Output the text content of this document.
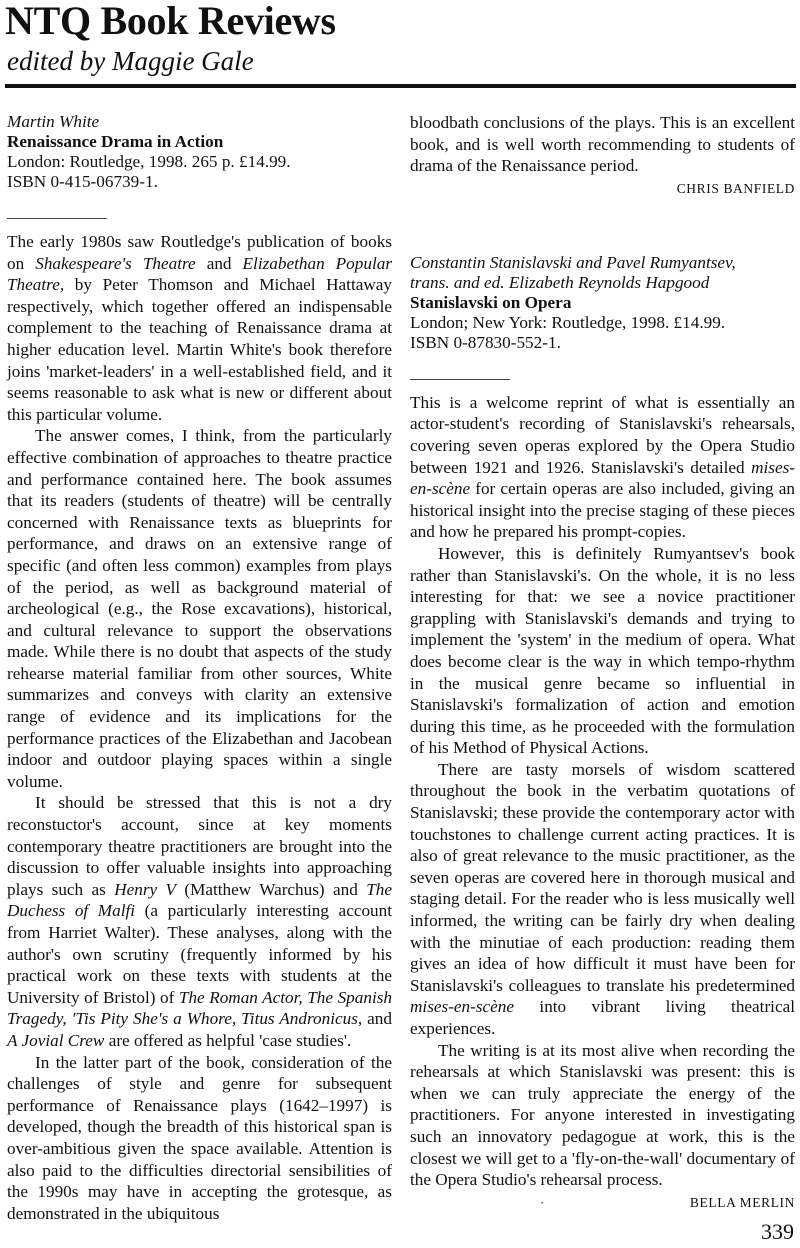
NTQ Book Reviews
edited by Maggie Gale
Martin White
Renaissance Drama in Action
London: Routledge, 1998. 265 p. £14.99.
ISBN 0-415-06739-1.

The early 1980s saw Routledge's publication of books on Shakespeare's Theatre and Elizabethan Popular Theatre, by Peter Thomson and Michael Hattaway respectively, which together offered an indispensable complement to the teaching of Renaissance drama at higher education level. Martin White's book therefore joins 'market-leaders' in a well-established field, and it seems reasonable to ask what is new or different about this particular volume.

The answer comes, I think, from the particularly effective combination of approaches to theatre practice and performance contained here. The book assumes that its readers (students of theatre) will be centrally concerned with Renaissance texts as blueprints for performance, and draws on an extensive range of specific (and often less common) examples from plays of the period, as well as background material of archeological (e.g., the Rose excavations), historical, and cultural relevance to support the observations made. While there is no doubt that aspects of the study rehearse material familiar from other sources, White summarizes and conveys with clarity an extensive range of evidence and its implications for the performance practices of the Elizabethan and Jacobean indoor and outdoor playing spaces within a single volume.

It should be stressed that this is not a dry reconstuctor's account, since at key moments contemporary theatre practitioners are brought into the discussion to offer valuable insights into approaching plays such as Henry V (Matthew Warchus) and The Duchess of Malfi (a particularly interesting account from Harriet Walter). These analyses, along with the author's own scrutiny (frequently informed by his practical work on these texts with students at the University of Bristol) of The Roman Actor, The Spanish Tragedy, 'Tis Pity She's a Whore, Titus Andronicus, and A Jovial Crew are offered as helpful 'case studies'.

In the latter part of the book, consideration of the challenges of style and genre for subsequent performance of Renaissance plays (1642–1997) is developed, though the breadth of this historical span is over-ambitious given the space available. Attention is also paid to the difficulties directorial sensibilities of the 1990s may have in accepting the grotesque, as demonstrated in the ubiquitous

bloodbath conclusions of the plays. This is an excellent book, and is well worth recommending to students of drama of the Renaissance period.

CHRIS BANFIELD
Constantin Stanislavski and Pavel Rumyantsev,
trans. and ed. Elizabeth Reynolds Hapgood
Stanislavski on Opera
London; New York: Routledge, 1998. £14.99.
ISBN 0-87830-552-1.

This is a welcome reprint of what is essentially an actor-student's recording of Stanislavski's rehearsals, covering seven operas explored by the Opera Studio between 1921 and 1926. Stanislavski's detailed mises-en-scène for certain operas are also included, giving an historical insight into the precise staging of these pieces and how he prepared his prompt-copies.

However, this is definitely Rumyantsev's book rather than Stanislavski's. On the whole, it is no less interesting for that: we see a novice practitioner grappling with Stanislavski's demands and trying to implement the 'system' in the medium of opera. What does become clear is the way in which tempo-rhythm in the musical genre became so influential in Stanislavski's formalization of action and emotion during this time, as he proceeded with the formulation of his Method of Physical Actions.

There are tasty morsels of wisdom scattered throughout the book in the verbatim quotations of Stanislavski; these provide the contemporary actor with touchstones to challenge current acting practices. It is also of great relevance to the music practitioner, as the seven operas are covered here in thorough musical and staging detail. For the reader who is less musically well informed, the writing can be fairly dry when dealing with the minutiae of each production: reading them gives an idea of how difficult it must have been for Stanislavski's colleagues to translate his predetermined mises-en-scène into vibrant living theatrical experiences.

The writing is at its most alive when recording the rehearsals at which Stanislavski was present: this is when we can truly appreciate the energy of the practitioners. For anyone interested in investigating such an innovatory pedagogue at work, this is the closest we will get to a 'fly-on-the-wall' documentary of the Opera Studio's rehearsal process.

·	BELLA MERLIN
339
